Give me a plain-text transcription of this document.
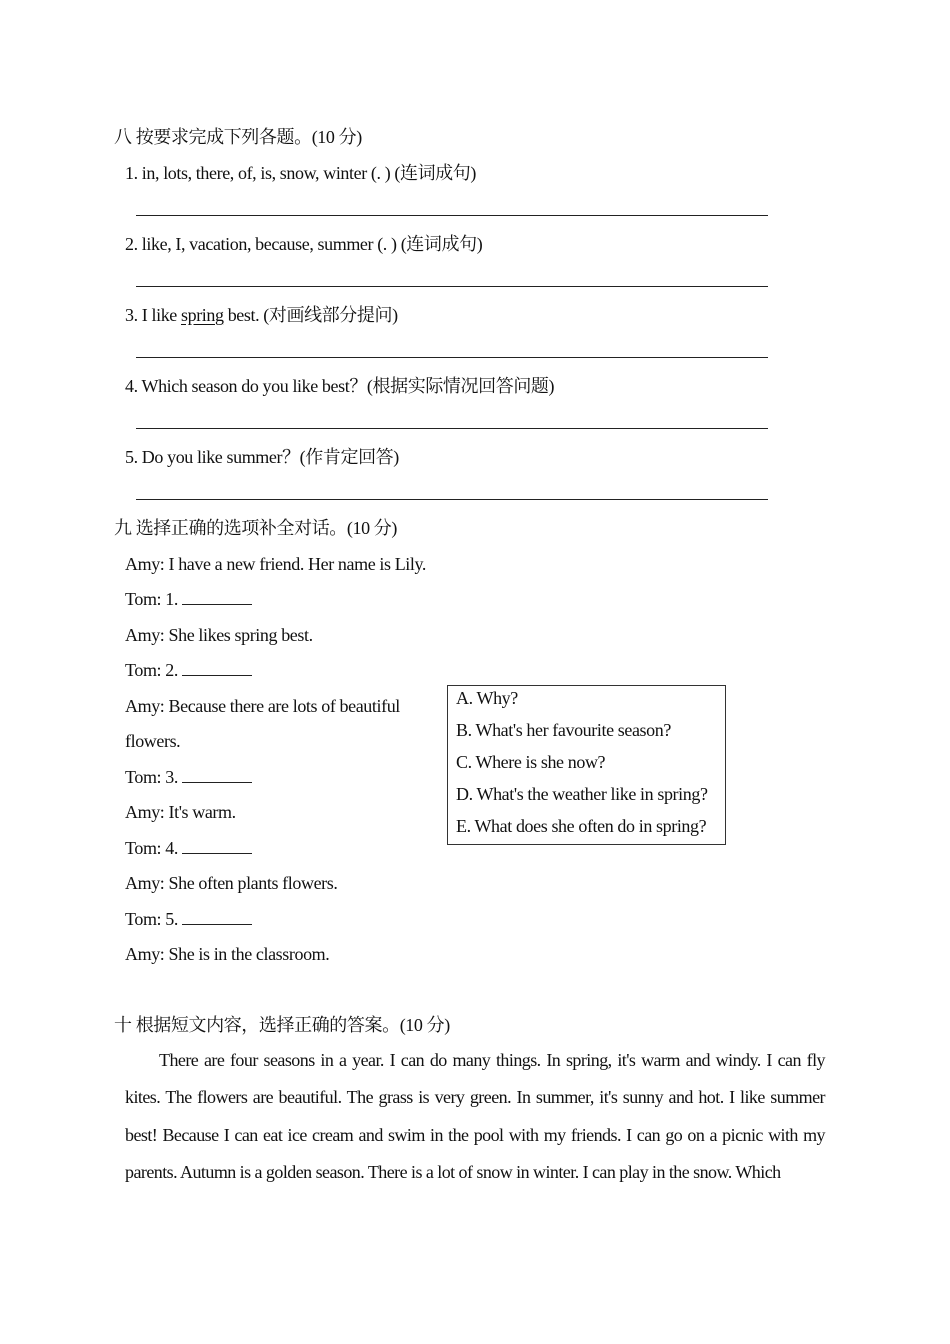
八 按要求完成下列各题。(10 分)
1. in, lots, there, of, is, snow, winter (. ) (连词成句)
2. like, I, vacation, because, summer (. ) (连词成句)
3. I like spring best. (对画线部分提问)
4. Which season do you like best？(根据实际情况回答问题)
5. Do you like summer？(作肯定回答)
九 选择正确的选项补全对话。(10 分)
Amy: I have a new friend. Her name is Lily.
Tom: 1.
Amy: She likes spring best.
Tom: 2.
Amy: Because there are lots of beautiful
flowers.
Tom: 3.
Amy: It's warm.
Tom: 4.
Amy: She often plants flowers.
Tom: 5.
Amy: She is in the classroom.
A. Why?
B. What's her favourite season?
C. Where is she now?
D. What's the weather like in spring?
E. What does she often do in spring?
十 根据短文内容，选择正确的答案。(10 分)
There are four seasons in a year. I can do many things. In spring, it's warm and windy. I can fly kites. The flowers are beautiful. The grass is very green. In summer, it's sunny and hot. I like summer best! Because I can eat ice cream and swim in the pool with my friends. I can go on a picnic with my parents. Autumn is a golden season. There is a lot of snow in winter. I can play in the snow. Which
